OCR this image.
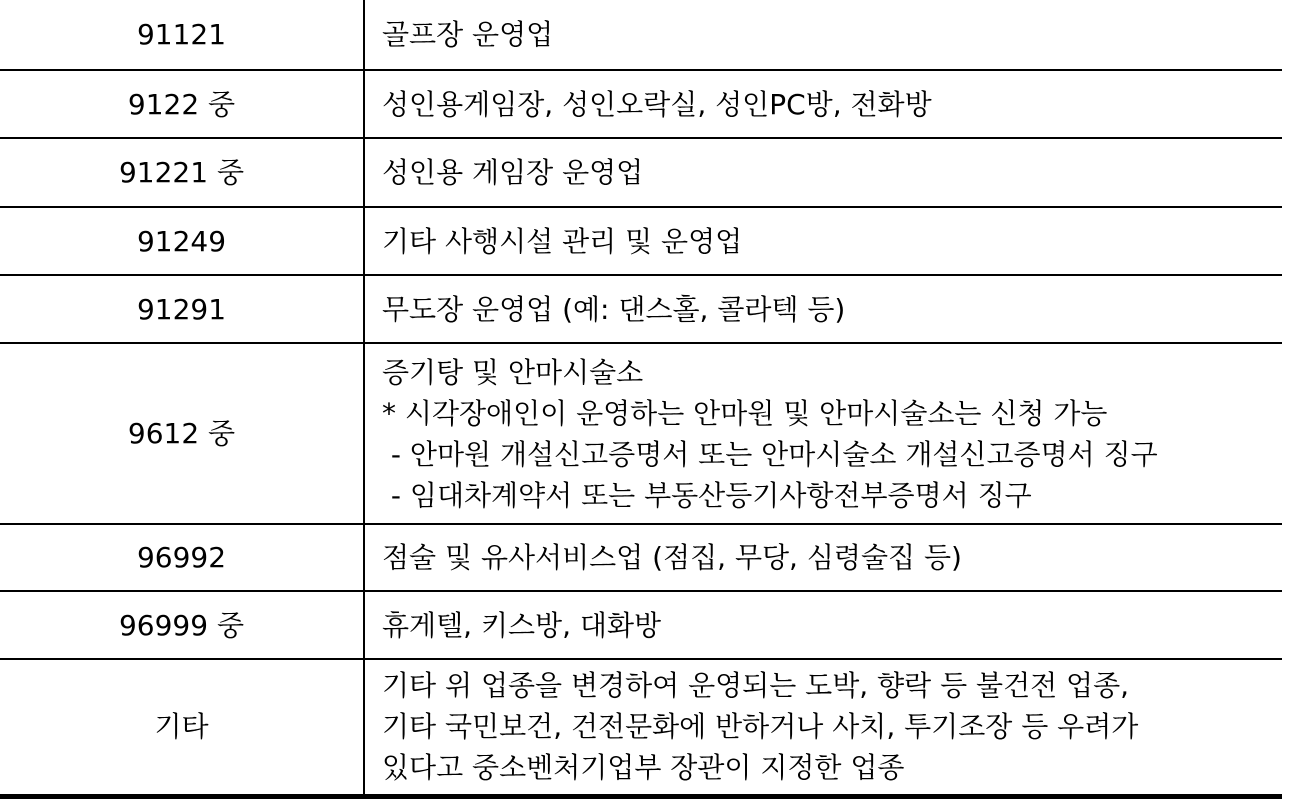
91121	골프장 운영업

9122 중	성인용게임장, 성인오락실, 성인PC방, 전화방

91221 중	성인용 게임장 운영업

91249	기타 사행시설 관리 및 운영업

91291	무도장 운영업 (예: 댄스홀, 콜라텍 등)

9612 중	증기탕 및 안마시술소
* 시각장애인이 운영하는 안마원 및 안마시술소는 신청 가능
- 안마원 개설신고증명서 또는 안마시술소 개설신고증명서 징구
- 임대차계약서 또는 부동산등기사항전부증명서 징구

96992	점술 및 유사서비스업 (점집, 무당, 심령술집 등)

96999 중	휴게텔, 키스방, 대화방

기타	기타 위 업종을 변경하여 운영되는 도박, 향락 등 불건전 업종,
기타 국민보건, 건전문화에 반하거나 사치, 투기조장 등 우려가
있다고 중소벤처기업부 장관이 지정한 업종
